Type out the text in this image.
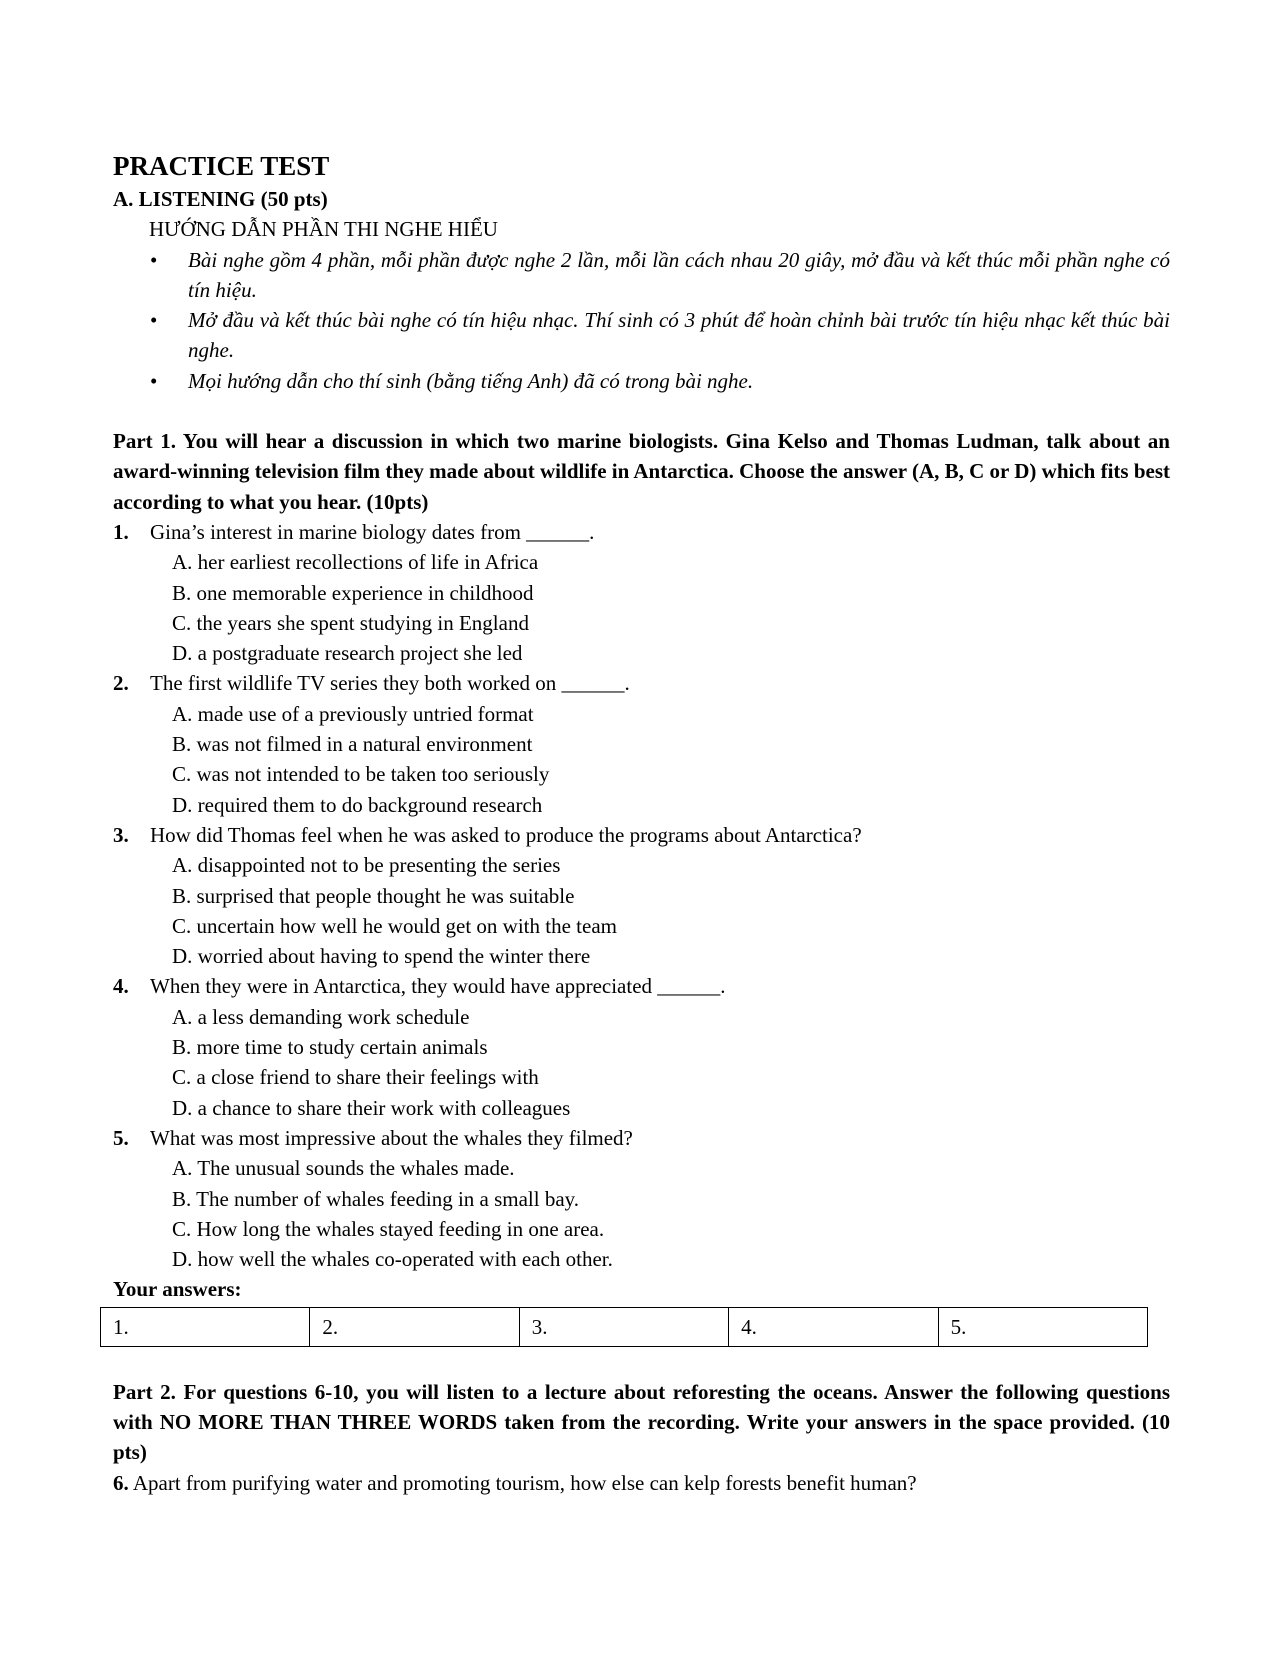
PRACTICE TEST

A. LISTENING (50 pts)

HƯỚNG DẪN PHẦN THI NGHE HIỂU

• Bài nghe gồm 4 phần, mỗi phần được nghe 2 lần, mỗi lần cách nhau 20 giây, mở đầu và kết thúc mỗi phần nghe có tín hiệu.
• Mở đầu và kết thúc bài nghe có tín hiệu nhạc. Thí sinh có 3 phút để hoàn chỉnh bài trước tín hiệu nhạc kết thúc bài nghe.
• Mọi hướng dẫn cho thí sinh (bằng tiếng Anh) đã có trong bài nghe.

Part 1. You will hear a discussion in which two marine biologists. Gina Kelso and Thomas Ludman, talk about an award-winning television film they made about wildlife in Antarctica. Choose the answer (A, B, C or D) which fits best according to what you hear. (10pts)

1.	Gina’s interest in marine biology dates from ______.
A. her earliest recollections of life in Africa
B. one memorable experience in childhood
C. the years she spent studying in England
D. a postgraduate research project she led
2.	The first wildlife TV series they both worked on ______.
A. made use of a previously untried format
B. was not filmed in a natural environment
C. was not intended to be taken too seriously
D. required them to do background research
3.	How did Thomas feel when he was asked to produce the programs about Antarctica?
A. disappointed not to be presenting the series
B. surprised that people thought he was suitable
C. uncertain how well he would get on with the team
D. worried about having to spend the winter there
4.	When they were in Antarctica, they would have appreciated ______.
A. a less demanding work schedule
B. more time to study certain animals
C. a close friend to share their feelings with
D. a chance to share their work with colleagues
5.	What was most impressive about the whales they filmed?
A. The unusual sounds the whales made.
B. The number of whales feeding in a small bay.
C. How long the whales stayed feeding in one area.
D. how well the whales co-operated with each other.

Your answers:

1.	2.	3.	4.	5.

Part 2. For questions 6-10, you will listen to a lecture about reforesting the oceans. Answer the following questions with NO MORE THAN THREE WORDS taken from the recording. Write your answers in the space provided. (10 pts)

6. Apart from purifying water and promoting tourism, how else can kelp forests benefit human?
